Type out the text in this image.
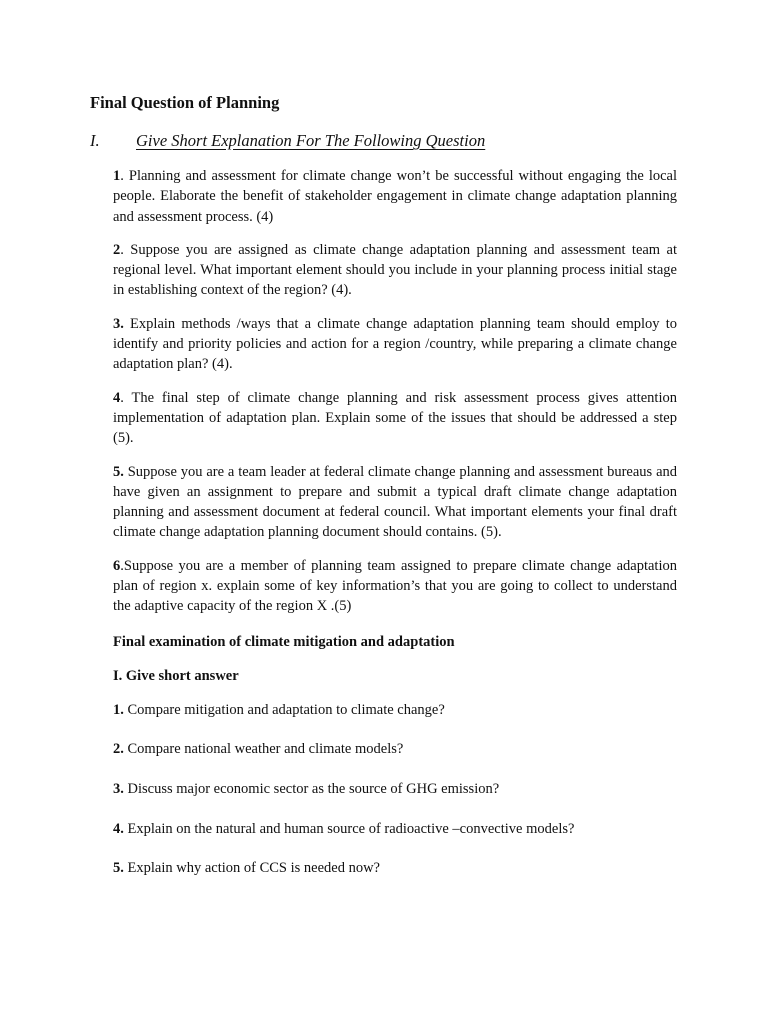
Final Question of Planning
I. Give Short Explanation For The Following Question

1. Planning and assessment for climate change won’t be successful without engaging the local people. Elaborate the benefit of stakeholder engagement in climate change adaptation planning and assessment process. (4)

2. Suppose you are assigned as climate change adaptation planning and assessment team at regional level. What important element should you include in your planning process initial stage in establishing context of the region? (4).

3. Explain methods /ways that a climate change adaptation planning team should employ to identify and priority policies and action for a region /country, while preparing a climate change adaptation plan? (4).

4. The final step of climate change planning and risk assessment process gives attention implementation of adaptation plan. Explain some of the issues that should be addressed a step (5).

5. Suppose you are a team leader at federal climate change planning and assessment bureaus and have given an assignment to prepare and submit a typical draft climate change adaptation planning and assessment document at federal council. What important elements your final draft climate change adaptation planning document should contains. (5).

6.Suppose you are a member of planning team assigned to prepare climate change adaptation plan of region x. explain some of key information’s that you are going to collect to understand the adaptive capacity of the region X .(5)

Final examination of climate mitigation and adaptation
I. Give short answer
1. Compare mitigation and adaptation to climate change?
2. Compare national weather and climate models?
3. Discuss major economic sector as the source of GHG emission?
4. Explain on the natural and human source of radioactive –convective models?
5. Explain why action of CCS is needed now?
